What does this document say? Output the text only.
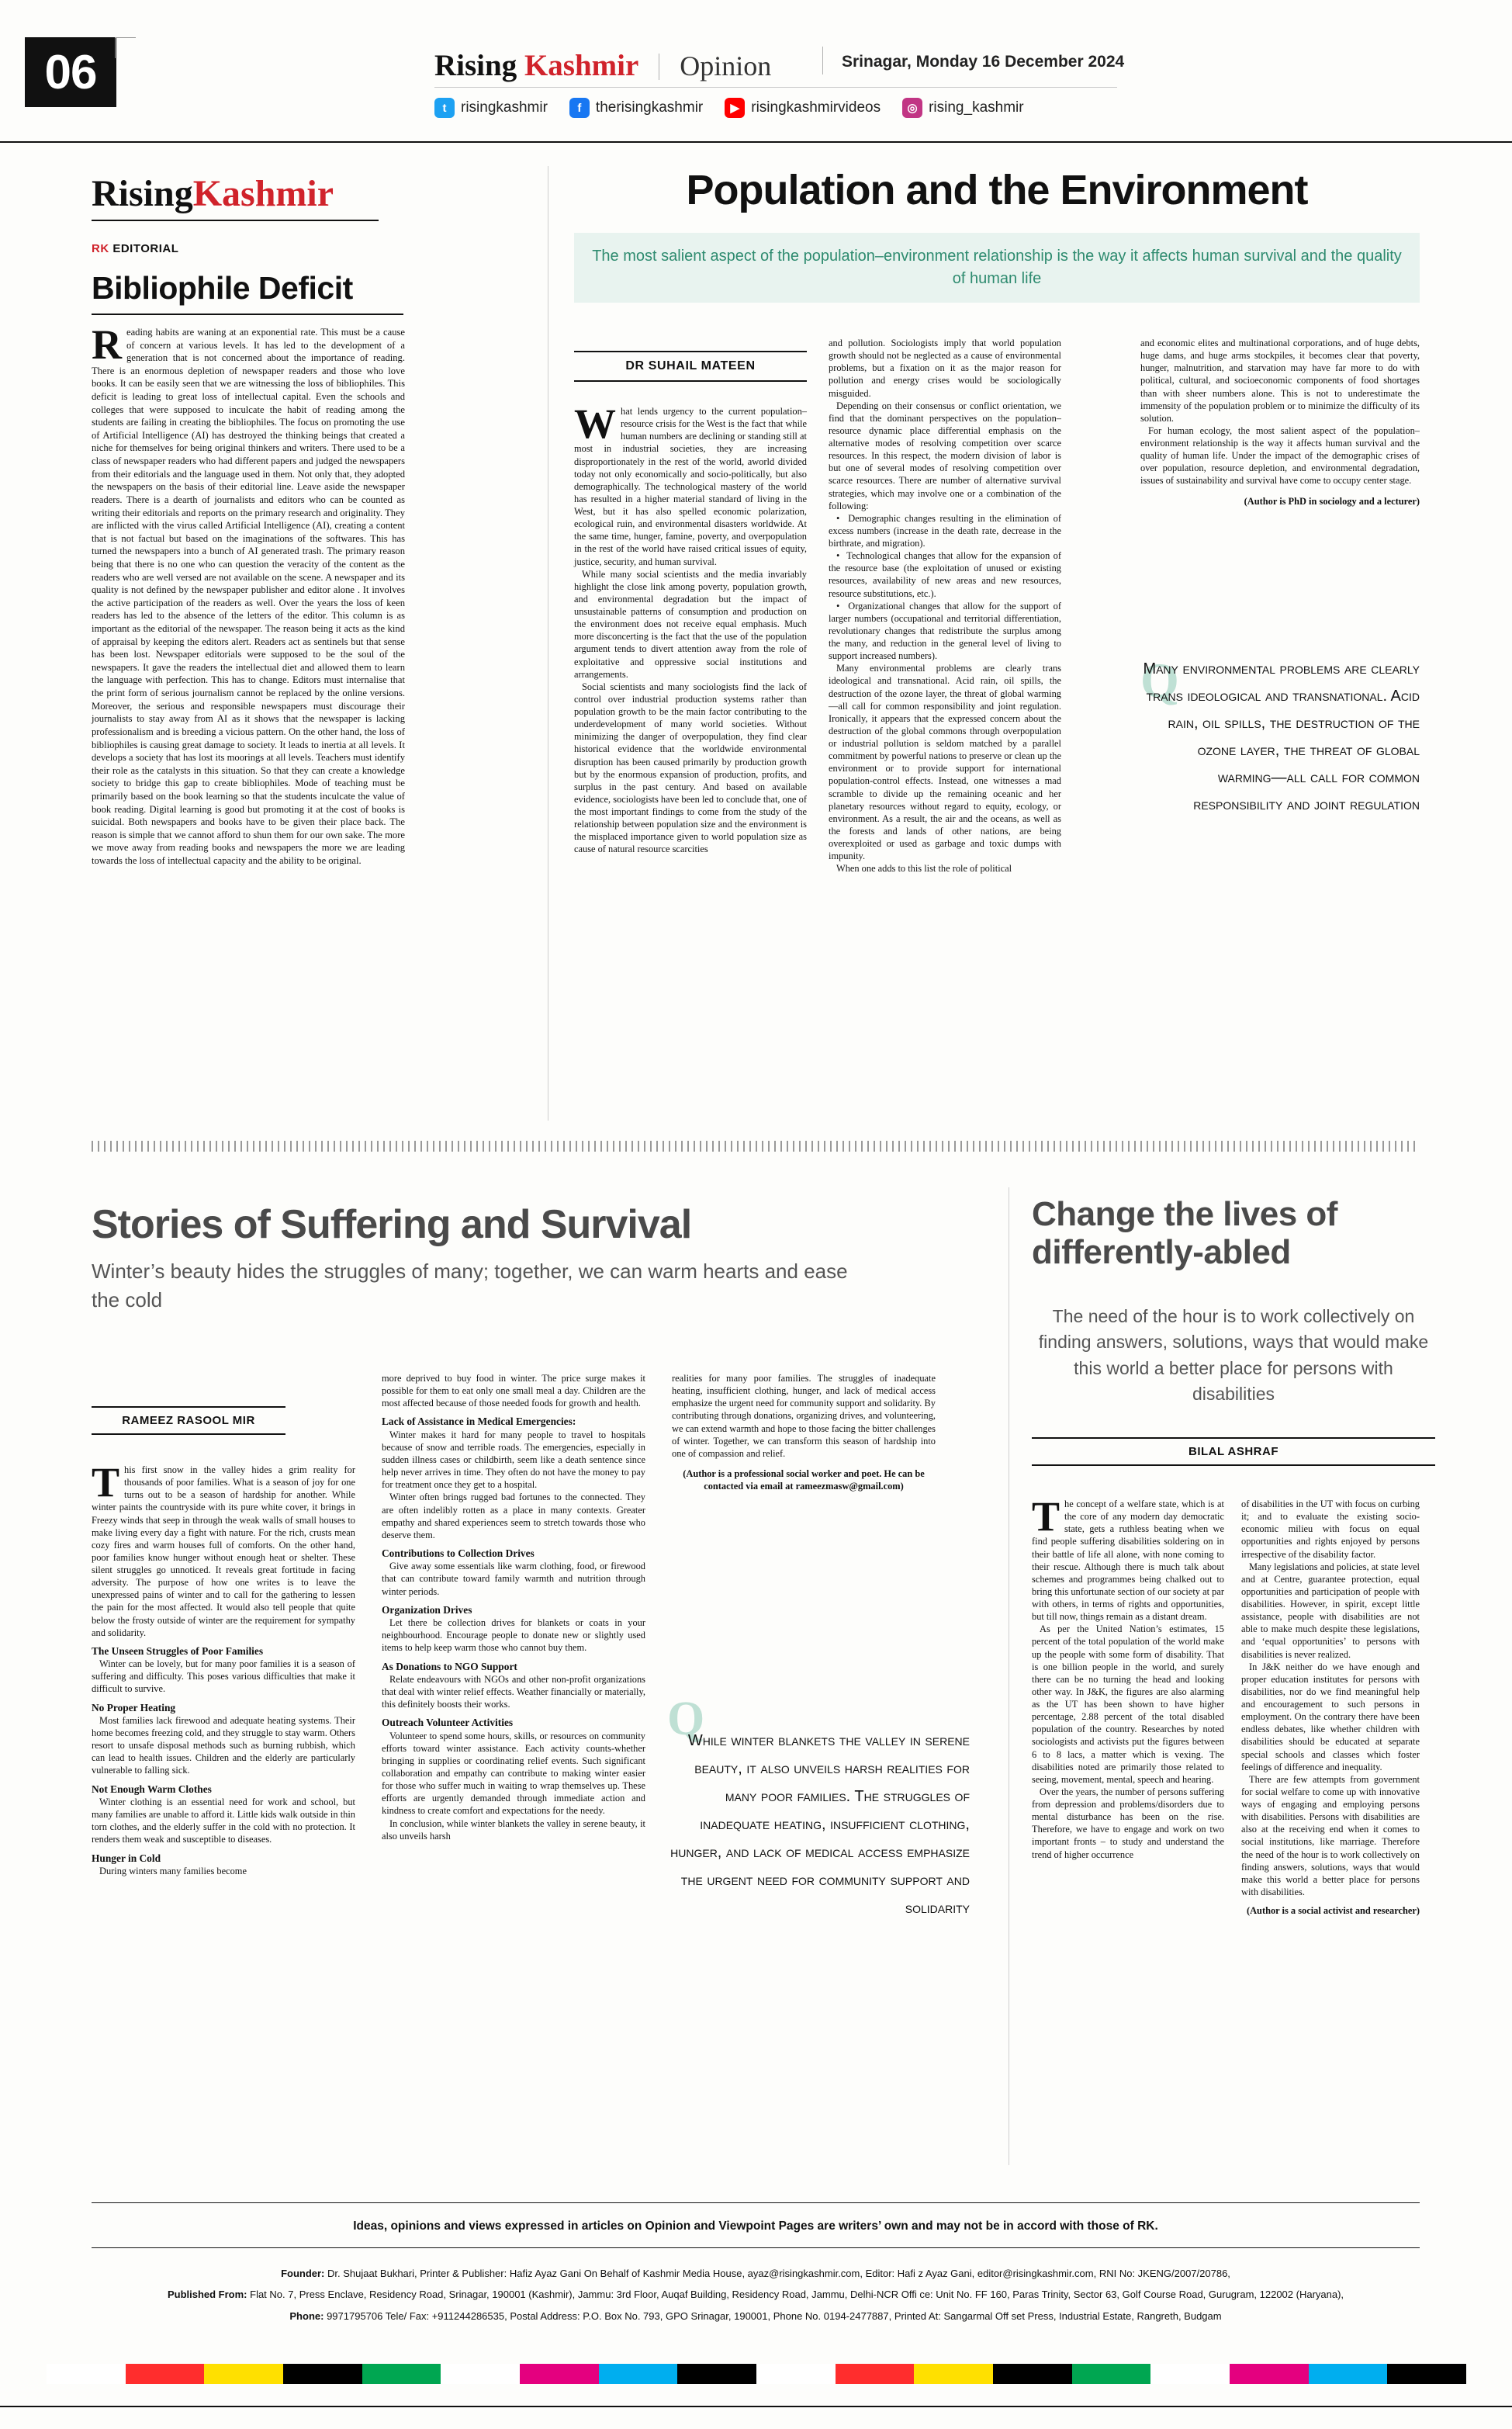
06	Rising Kashmir Opinion	Srinagar, Monday 16 December 2024
t risingkashmir	f therisingkashmir	▶ risingkashmirvideos	◎ rising_kashmir
RisingKashmir
RK EDITORIAL
Bibliophile Deficit
R eading habits are waning at an exponential rate. This must be a cause of concern at various levels. It has led to the development of a generation that is not concerned about the importance of reading. There is an enormous depletion of newspaper readers and those who love books. It can be easily seen that we are witnessing the loss of bibliophiles. This deficit is leading to great loss of intellectual capital. Even the schools and colleges that were supposed to inculcate the habit of reading among the students are failing in creating the bibliophiles. The focus on promoting the use of Artificial Intelligence (AI) has destroyed the thinking beings that created a niche for themselves for being original thinkers and writers. There used to be a class of newspaper readers who had different papers and judged the newspapers from their editorials and the language used in them. Not only that, they adopted the newspapers on the basis of their editorial line. Leave aside the newspaper readers. There is a dearth of journalists and editors who can be counted as writing their editorials and reports on the primary research and originality. They are inflicted with the virus called Artificial Intelligence (AI), creating a content that is not factual but based on the imaginations of the softwares. This has turned the newspapers into a bunch of AI generated trash. The primary reason being that there is no one who can question the veracity of the content as the readers who are well versed are not available on the scene. A newspaper and its quality is not defined by the newspaper publisher and editor alone . It involves the active participation of the readers as well. Over the years the loss of keen readers has led to the absence of the letters of the editor. This column is as important as the editorial of the newspaper. The reason being it acts as the kind of appraisal by keeping the editors alert. Readers act as sentinels but that sense has been lost. Newspaper editorials were supposed to be the soul of the newspapers. It gave the readers the intellectual diet and allowed them to learn the language with perfection. This has to change. Editors must internalise that the print form of serious journalism cannot be replaced by the online versions. Moreover, the serious and responsible newspapers must discourage their journalists to stay away from AI as it shows that the newspaper is lacking professionalism and is breeding a vicious pattern. On the other hand, the loss of bibliophiles is causing great damage to society. It leads to inertia at all levels. It develops a society that has lost its moorings at all levels. Teachers must identify their role as the catalysts in this situation. So that they can create a knowledge society to bridge this gap to create bibliophiles. Mode of teaching must be primarily based on the book learning so that the students inculcate the value of book reading. Digital learning is good but promoting it at the cost of books is suicidal. Both newspapers and books have to be given their place back. The reason is simple that we cannot afford to shun them for our own sake. The more we move away from reading books and newspapers the more we are leading towards the loss of intellectual capacity and the ability to be original.

Population and the Environment
The most salient aspect of the population–environment relationship is the way it affects human survival and the quality of human life
DR SUHAIL MATEEN
W hat lends urgency to the current population–resource crisis for the West is the fact that while human numbers are declining or standing still at most in industrial societies, they are increasing disproportionately in the rest of the world, aworld divided today not only economically and socio-politically, but also demographically. The technological mastery of the world has resulted in a higher material standard of living in the West, but it has also spelled economic polarization, ecological ruin, and environmental disasters worldwide. At the same time, hunger, famine, poverty, and overpopulation in the rest of the world have raised critical issues of equity, justice, security, and human survival.

While many social scientists and the media invariably highlight the close link among poverty, population growth, and environmental degradation but the impact of unsustainable patterns of consumption and production on the environment does not receive equal emphasis. Much more disconcerting is the fact that the use of the population argument tends to divert attention away from the role of exploitative and oppressive social institutions and arrangements.

Social scientists and many sociologists find the lack of control over industrial production systems rather than population growth to be the main factor contributing to the underdevelopment of many world societies. Without minimizing the danger of overpopulation, they find clear historical evidence that the worldwide environmental disruption has been caused primarily by production growth but by the enormous expansion of production, profits, and surplus in the past century. And based on available evidence, sociologists have been led to conclude that, one of the most important findings to come from the study of the relationship between population size and the environment is the misplaced importance given to world population size as cause of natural resource scarcities

and pollution. Sociologists imply that world population growth should not be neglected as a cause of environmental problems, but a fixation on it as the major reason for pollution and energy crises would be sociologically misguided.

Depending on their consensus or conflict orientation, we find that the dominant perspectives on the population–resource dynamic place differential emphasis on the alternative modes of resolving competition over scarce resources. In this respect, the modern division of labor is but one of several modes of resolving competition over scarce resources. There are number of alternative survival strategies, which may involve one or a combination of the following:

•  Demographic changes resulting in the elimination of excess numbers (increase in the death rate, decrease in the birthrate, and migration).

•  Technological changes that allow for the expansion of the resource base (the exploitation of unused or existing resources, availability of new areas and new resources, resource substitutions, etc.).

•  Organizational changes that allow for the support of larger numbers (occupational and territorial differentiation, revolutionary changes that redistribute the surplus among the many, and reduction in the general level of living to support increased numbers).

Many environmental problems are clearly trans ideological and transnational. Acid rain, oil spills, the destruction of the ozone layer, the threat of global warming—all call for common responsibility and joint regulation. Ironically, it appears that the expressed concern about the destruction of the global commons through overpopulation or industrial pollution is seldom matched by a parallel commitment by powerful nations to preserve or clean up the environment or to provide support for international population-control effects. Instead, one witnesses a mad scramble to divide up the remaining oceanic and her planetary resources without regard to equity, ecology, or environment. As a result, the air and the oceans, as well as the forests and lands of other nations, are being overexploited or used as garbage and toxic dumps with impunity.

When one adds to this list the role of political

and economic elites and multinational corporations, and of huge debts, huge dams, and huge arms stockpiles, it becomes clear that poverty, hunger, malnutrition, and starvation may have far more to do with political, cultural, and socioeconomic components of food shortages than with sheer numbers alone. This is not to underestimate the immensity of the population problem or to minimize the difficulty of its solution.

For human ecology, the most salient aspect of the population–environment relationship is the way it affects human survival and the quality of human life. Under the impact of the demographic crises of over population, resource depletion, and environmental degradation, issues of sustainability and survival have come to occupy center stage.

(Author is PhD in sociology and a lecturer)

Q
Many environmental problems are clearly trans ideological and transnational. Acid rain, oil spills, the destruction of the ozone layer, the threat of global warming—all call for common responsibility and joint regulation
Stories of Suffering and Survival
Winter’s beauty hides the struggles of many; together, we can warm hearts and ease the cold
Change the lives of differently-abled
The need of the hour is to work collectively on finding answers, solutions, ways that would make this world a better place for persons with disabilities
RAMEEZ RASOOL MIR
BILAL ASHRAF
T his first snow in the valley hides a grim reality for thousands of poor families. What is a season of joy for one turns out to be a season of hardship for another. While winter paints the countryside with its pure white cover, it brings in Freezy winds that seep in through the weak walls of small houses to make living every day a fight with nature. For the rich, crusts mean cozy fires and warm houses full of comforts. On the other hand, poor families know hunger without enough heat or shelter. These silent struggles go unnoticed. It reveals great fortitude in facing adversity. The purpose of how one writes is to leave the unexpressed pains of winter and to call for the gathering to lessen the pain for the most affected. It would also tell people that quite below the frosty outside of winter are the requirement for sympathy and solidarity.

The Unseen Struggles of Poor Families

Winter can be lovely, but for many poor families it is a season of suffering and difficulty. This poses various difficulties that make it difficult to survive.

No Proper Heating

Most families lack firewood and adequate heating systems. Their home becomes freezing cold, and they struggle to stay warm. Others resort to unsafe disposal methods such as burning rubbish, which can lead to health issues. Children and the elderly are particularly vulnerable to falling sick.

Not Enough Warm Clothes

Winter clothing is an essential need for work and school, but many families are unable to afford it. Little kids walk outside in thin torn clothes, and the elderly suffer in the cold with no protection. It renders them weak and susceptible to diseases.

Hunger in Cold

During winters many families become

more deprived to buy food in winter. The price surge makes it possible for them to eat only one small meal a day. Children are the most affected because of those needed foods for growth and health.

Lack of Assistance in Medical Emergencies:

Winter makes it hard for many people to travel to hospitals because of snow and terrible roads. The emergencies, especially in sudden illness cases or childbirth, seem like a death sentence since help never arrives in time. They often do not have the money to pay for treatment once they get to a hospital.

Winter often brings rugged bad fortunes to the connected. They are often indelibly rotten as a place in many contexts. Greater empathy and shared experiences seem to stretch towards those who deserve them.

Contributions to Collection Drives

Give away some essentials like warm clothing, food, or firewood that can contribute toward family warmth and nutrition through winter periods.

Organization Drives

Let there be collection drives for blankets or coats in your neighbourhood. Encourage people to donate new or slightly used items to help keep warm those who cannot buy them.

As Donations to NGO Support

Relate endeavours with NGOs and other non-profit organizations that deal with winter relief effects. Weather financially or materially, this definitely boosts their works.

Outreach Volunteer Activities

Volunteer to spend some hours, skills, or resources on community efforts toward winter assistance. Each activity counts-whether bringing in supplies or coordinating relief events. Such significant collaboration and empathy can contribute to making winter easier for those who suffer much in waiting to wrap themselves up. These efforts are urgently demanded through immediate action and kindness to create comfort and expectations for the needy.

In conclusion, while winter blankets the valley in serene beauty, it also unveils harsh

realities for many poor families. The struggles of inadequate heating, insufficient clothing, hunger, and lack of medical access emphasize the urgent need for community support and solidarity. By contributing through donations, organizing drives, and volunteering, we can extend warmth and hope to those facing the bitter challenges of winter. Together, we can transform this season of hardship into one of compassion and relief.

(Author is a professional social worker and poet. He can be contacted via email at rameezmasw@gmail.com)

Q
While winter blankets the valley in serene beauty, it also unveils harsh realities for many poor families. The struggles of inadequate heating, insufficient clothing, hunger, and lack of medical access emphasize the urgent need for community support and solidarity
T he concept of a welfare state, which is at the core of any modern day democratic state, gets a ruthless beating when we find people suffering disabilities soldering on in their battle of life all alone, with none coming to their rescue. Although there is much talk about schemes and programmes being chalked out to bring this unfortunate section of our society at par with others, in terms of rights and opportunities, but till now, things remain as a distant dream.

As per the United Nation’s estimates, 15 percent of the total population of the world make up the people with some form of disability. That is one billion people in the world, and surely there can be no turning the head and looking other way. In J&K, the figures are also alarming as the UT has been shown to have higher percentage, 2.88 percent of the total disabled population of the country. Researches by noted sociologists and activists put the figures between 6 to 8 lacs, a matter which is vexing. The disabilities noted are primarily those related to seeing, movement, mental, speech and hearing.

Over the years, the number of persons suffering from depression and problems/disorders due to mental disturbance has been on the rise. Therefore, we have to engage and work on two important fronts – to study and understand the trend of higher occurrence

of disabilities in the UT with focus on curbing it; and to evaluate the existing socio-economic milieu with focus on equal opportunities and rights enjoyed by persons irrespective of the disability factor.

Many legislations and policies, at state level and at Centre, guarantee protection, equal opportunities and participation of people with disabilities. However, in spirit, except little assistance, people with disabilities are not able to make much despite these legislations, and ‘equal opportunities’ to persons with disabilities is never realized.

In J&K neither do we have enough and proper education institutes for persons with disabilities, nor do we find meaningful help and encouragement to such persons in employment. On the contrary there have been endless debates, like whether children with disabilities should be educated at separate special schools and classes which foster feelings of difference and inequality.

There are few attempts from government for social welfare to come up with innovative ways of engaging and employing persons with disabilities. Persons with disabilities are also at the receiving end when it comes to social institutions, like marriage. Therefore the need of the hour is to work collectively on finding answers, solutions, ways that would make this world a better place for persons with disabilities.

(Author is a social activist and researcher)

Ideas, opinions and views expressed in articles on Opinion and Viewpoint Pages are writers’ own and may not be in accord with those of RK.
Founder: Dr. Shujaat Bukhari, Printer & Publisher: Hafiz Ayaz Gani On Behalf of Kashmir Media House, ayaz@risingkashmir.com, Editor: Hafi z Ayaz Gani, editor@risingkashmir.com, RNI No: JKENG/2007/20786,
Published From: Flat No. 7, Press Enclave, Residency Road, Srinagar, 190001 (Kashmir), Jammu: 3rd Floor, Auqaf Building, Residency Road, Jammu, Delhi-NCR Offi ce: Unit No. FF 160, Paras Trinity, Sector 63, Golf Course Road, Gurugram, 122002 (Haryana),
Phone: 9971795706 Tele/ Fax: +911244286535, Postal Address: P.O. Box No. 793, GPO Srinagar, 190001, Phone No. 0194-2477887, Printed At: Sangarmal Off set Press, Industrial Estate, Rangreth, Budgam
